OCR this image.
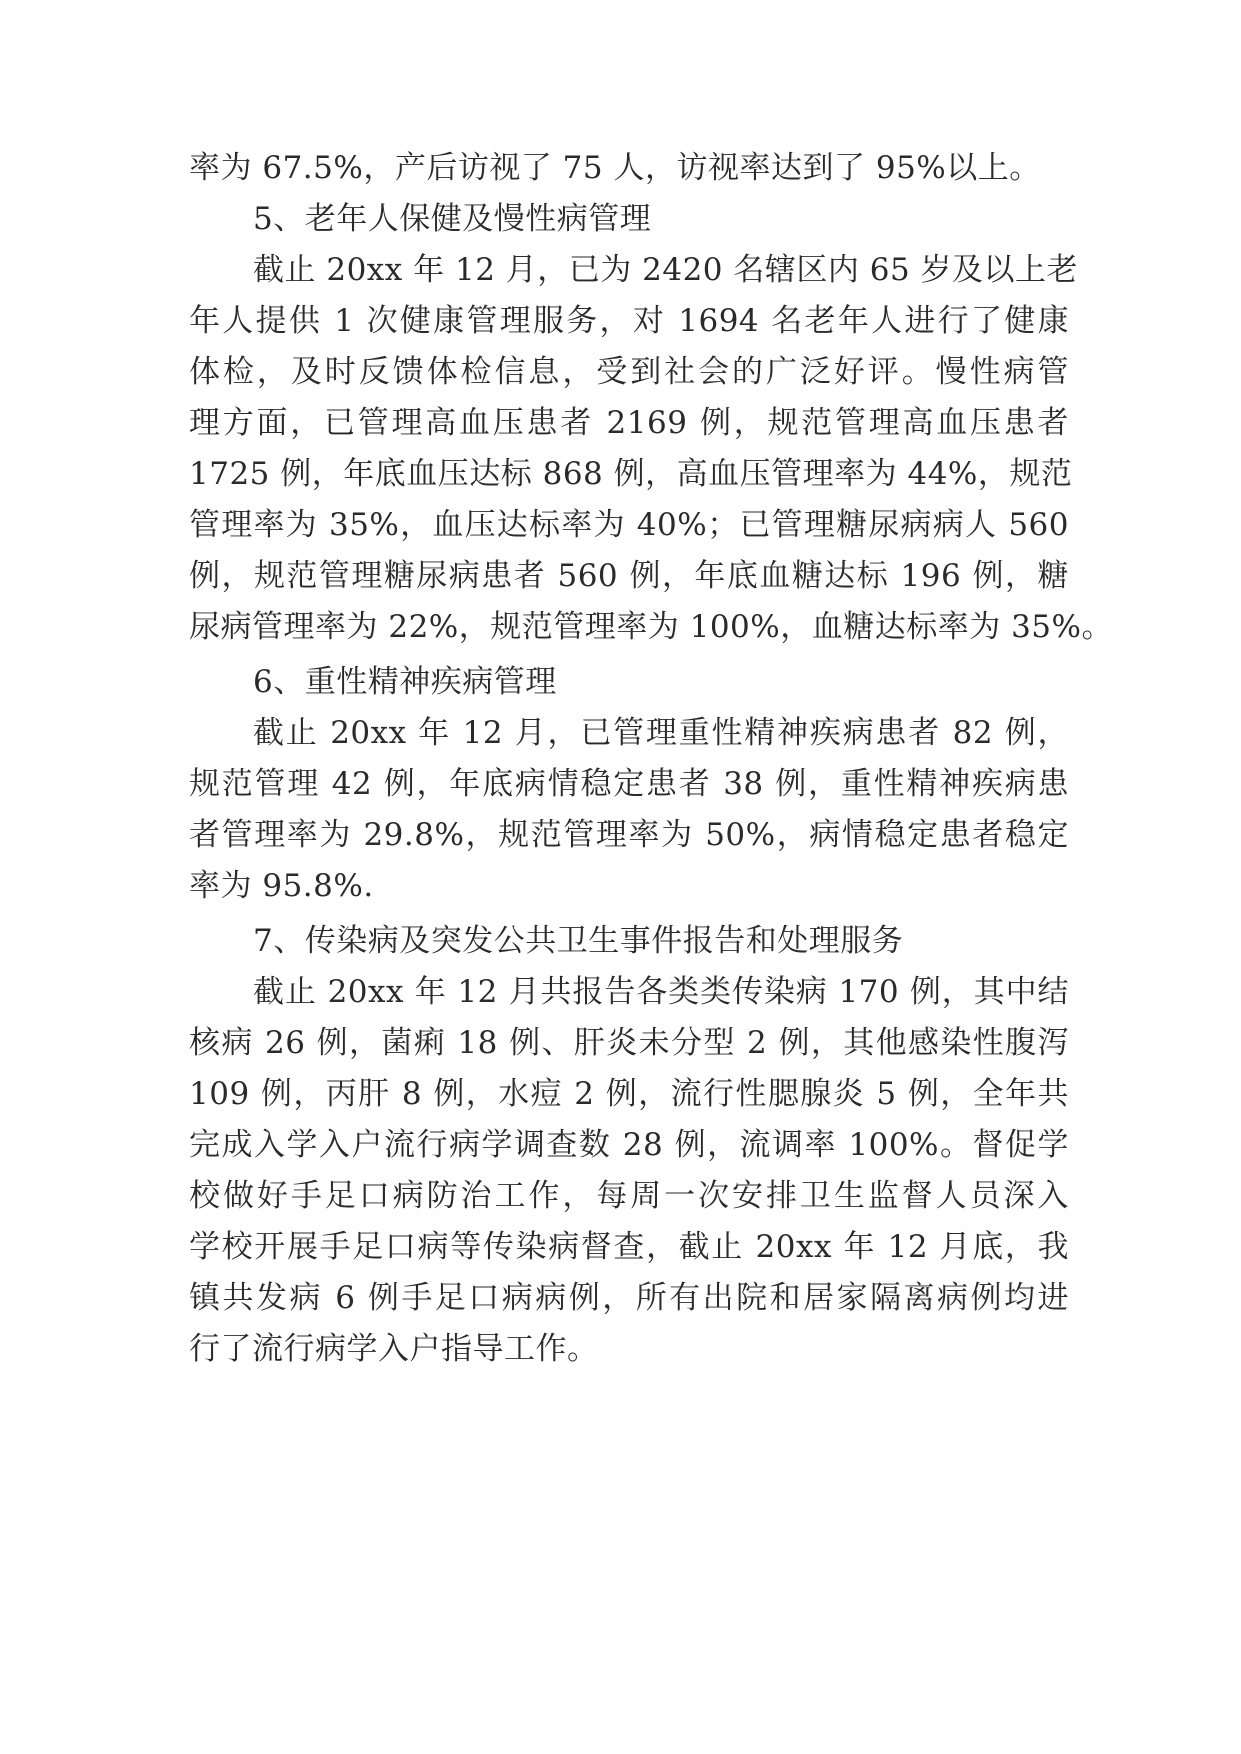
率为 67.5%，产后访视了 75 人，访视率达到了 95%以上。
5、老年人保健及慢性病管理
截止 20xx 年 12 月，已为 2420 名辖区内 65 岁及以上老
年人提供 1 次健康管理服务，对 1694 名老年人进行了健康
体检，及时反馈体检信息，受到社会的广泛好评。慢性病管
理方面，已管理高血压患者 2169 例，规范管理高血压患者
1725 例，年底血压达标 868 例，高血压管理率为 44%，规范
管理率为 35%，血压达标率为 40%；已管理糖尿病病人 560
例，规范管理糖尿病患者 560 例，年底血糖达标 196 例，糖
尿病管理率为 22%，规范管理率为 100%，血糖达标率为 35%。
6、重性精神疾病管理
截止 20xx 年 12 月，已管理重性精神疾病患者 82 例，
规范管理 42 例，年底病情稳定患者 38 例，重性精神疾病患
者管理率为 29.8%，规范管理率为 50%，病情稳定患者稳定
率为 95.8%.
7、传染病及突发公共卫生事件报告和处理服务
截止 20xx 年 12 月共报告各类类传染病 170 例，其中结
核病 26 例，菌痢 18 例、肝炎未分型 2 例，其他感染性腹泻
109 例，丙肝 8 例，水痘 2 例，流行性腮腺炎 5 例，全年共
完成入学入户流行病学调查数 28 例，流调率 100%。督促学
校做好手足口病防治工作，每周一次安排卫生监督人员深入
学校开展手足口病等传染病督查，截止 20xx 年 12 月底，我
镇共发病 6 例手足口病病例，所有出院和居家隔离病例均进
行了流行病学入户指导工作。
